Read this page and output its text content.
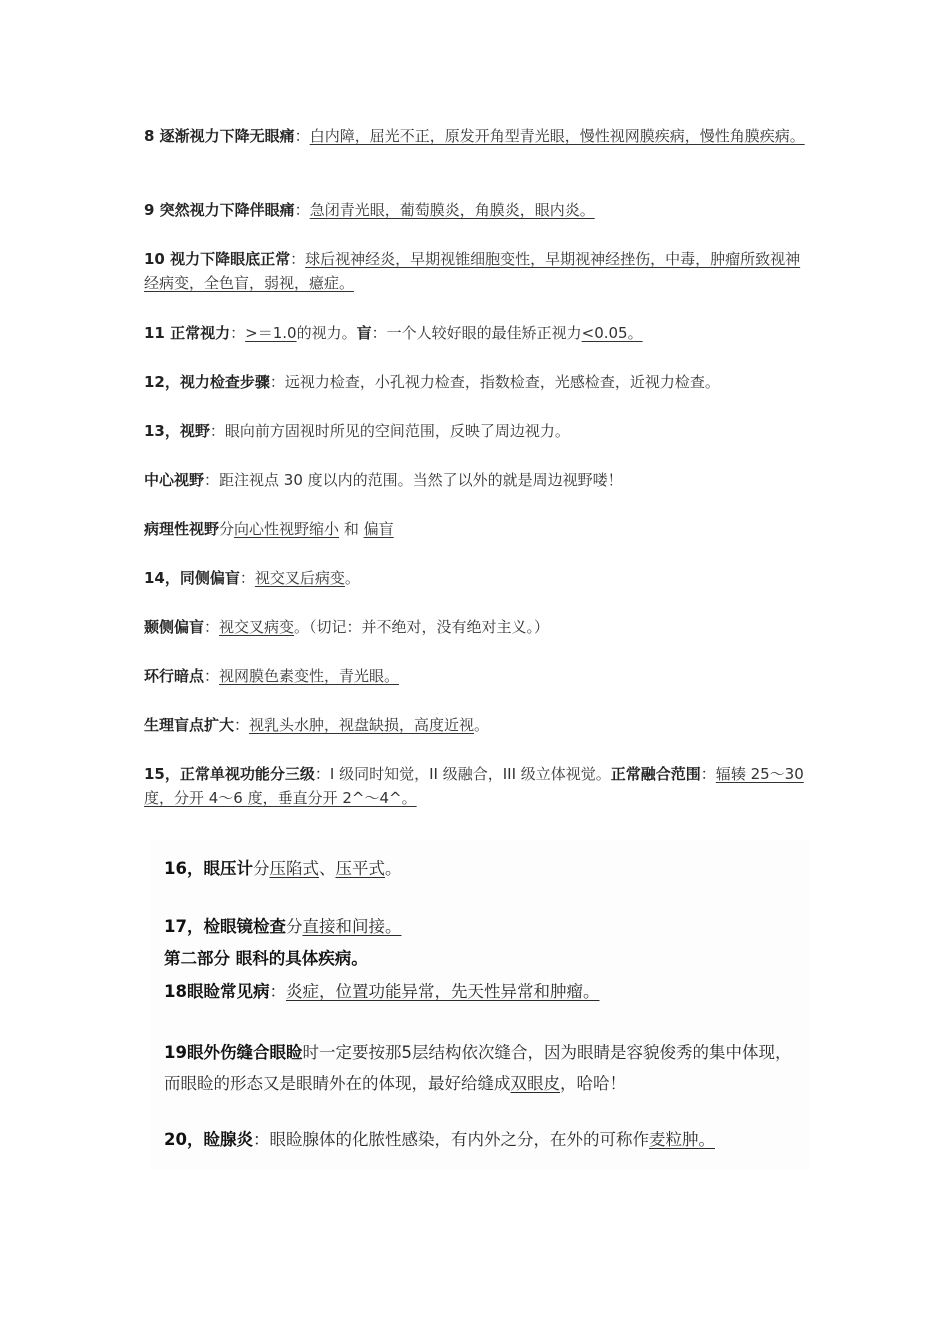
8 逐渐视力下降无眼痛：白内障，屈光不正，原发开角型青光眼，慢性视网膜疾病，慢性角膜疾病。

9 突然视力下降伴眼痛：急闭青光眼，葡萄膜炎，角膜炎，眼内炎。

10 视力下降眼底正常：球后视神经炎，早期视锥细胞变性，早期视神经挫伤，中毒，肿瘤所致视神经病变，全色盲，弱视，癔症。

11 正常视力：>＝1.0的视力。盲：一个人较好眼的最佳矫正视力<0.05。

12，视力检查步骤：远视力检查，小孔视力检查，指数检查，光感检查，近视力检查。

13，视野：眼向前方固视时所见的空间范围，反映了周边视力。

中心视野：距注视点 30 度以内的范围。当然了以外的就是周边视野喽！

病理性视野分向心性视野缩小 和 偏盲

14，同侧偏盲：视交叉后病变。

颞侧偏盲：视交叉病变。（切记：并不绝对，没有绝对主义。）

环行暗点：视网膜色素变性，青光眼。

生理盲点扩大：视乳头水肿，视盘缺损，高度近视。

15，正常单视功能分三级：I 级同时知觉，II 级融合，III 级立体视觉。正常融合范围：辐辏 25～30 度，分开 4～6 度，垂直分开 2^～4^。

16，眼压计分压陷式、压平式。

17，检眼镜检查分直接和间接。

第二部分 眼科的具体疾病。

18眼睑常见病：炎症，位置功能异常，先天性异常和肿瘤。

19眼外伤缝合眼睑时一定要按那5层结构依次缝合，因为眼睛是容貌俊秀的集中体现，而眼睑的形态又是眼睛外在的体现，最好给缝成双眼皮，哈哈！

20，睑腺炎：眼睑腺体的化脓性感染，有内外之分，在外的可称作麦粒肿。
